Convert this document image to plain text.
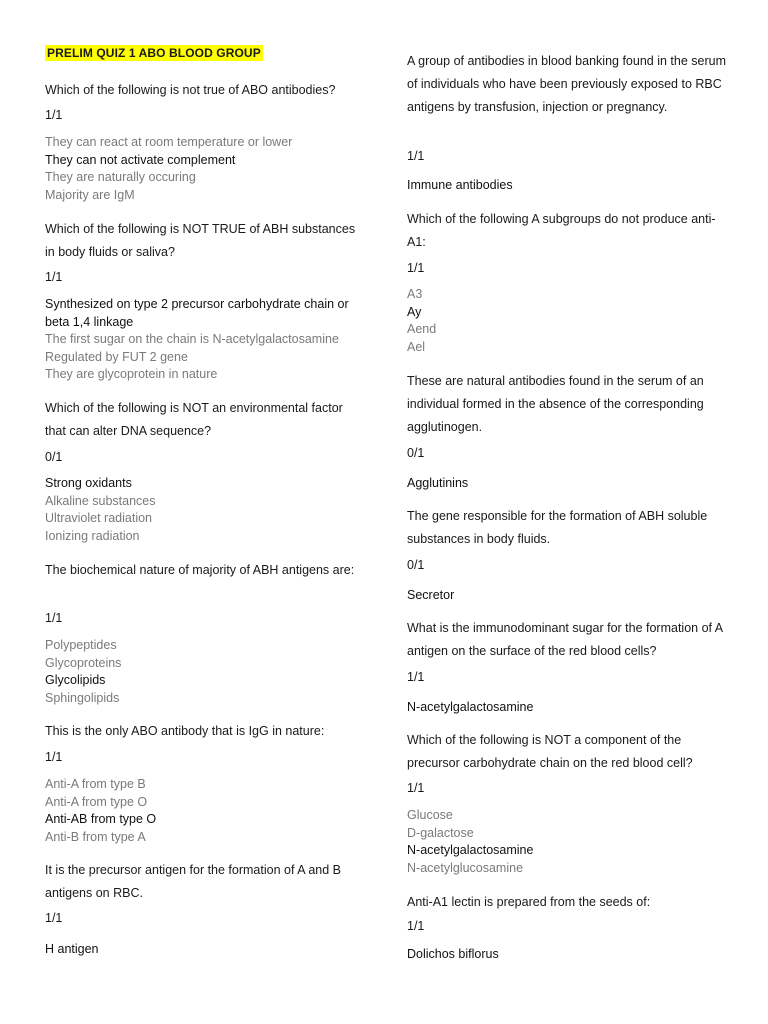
PRELIM QUIZ 1 ABO BLOOD GROUP

Which of the following is not true of ABO antibodies?

1/1
They can react at room temperature or lower
They can not activate complement
They are naturally occuring
Majority are IgM

Which of the following is NOT TRUE of ABH substances in body fluids or saliva?

1/1
Synthesized on type 2 precursor carbohydrate chain or beta 1,4 linkage
The first sugar on the chain is N-acetylgalactosamine
Regulated by FUT 2 gene
They are glycoprotein in nature

Which of the following is NOT an environmental factor that can alter DNA sequence?

0/1
Strong oxidants
Alkaline substances
Ultraviolet radiation
Ionizing radiation

The biochemical nature of majority of ABH antigens are:

1/1
Polypeptides
Glycoproteins
Glycolipids
Sphingolipids

This is the only ABO antibody that is IgG in nature:

1/1
Anti-A from type B
Anti-A from type O
Anti-AB from type O
Anti-B from type A

It is the precursor antigen for the formation of A and B antigens on RBC.

1/1
H antigen

A group of antibodies in blood banking found in the serum of individuals who have been previously exposed to RBC antigens by transfusion, injection or pregnancy.

1/1
Immune antibodies

Which of the following A subgroups do not produce anti-A1:

1/1
A3
Ay
Aend
Ael

These are natural antibodies found in the serum of an individual formed in the absence of the corresponding agglutinogen.

0/1
Agglutinins

The gene responsible for the formation of ABH soluble substances in body fluids.

0/1
Secretor

What is the immunodominant sugar for the formation of A antigen on the surface of the red blood cells?

1/1
N-acetylgalactosamine

Which of the following is NOT a component of the precursor carbohydrate chain on the red blood cell?

1/1
Glucose
D-galactose
N-acetylgalactosamine
N-acetylglucosamine

Anti-A1 lectin is prepared from the seeds of:

1/1
Dolichos biflorus
